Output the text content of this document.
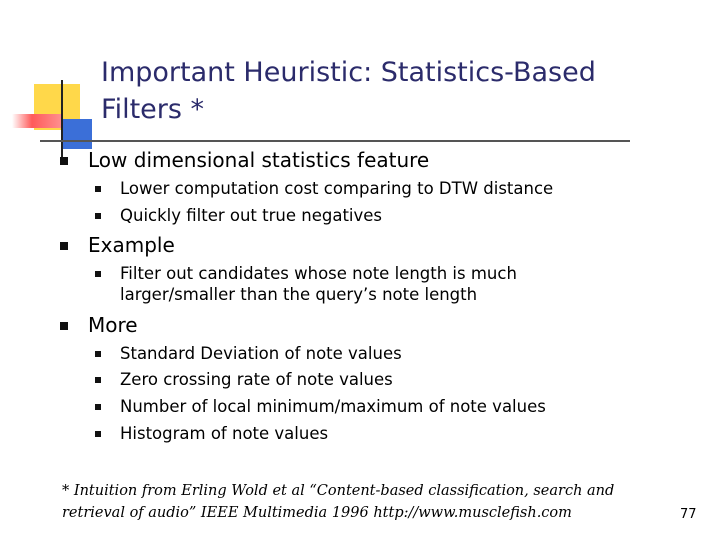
Important Heuristic: Statistics-Based
Filters *
Low dimensional statistics feature
Lower computation cost comparing to DTW distance
Quickly filter out true negatives
Example
Filter out candidates whose note length is much
larger/smaller than the query’s note length
More
Standard Deviation of note values
Zero crossing rate of note values
Number of local minimum/maximum of note values
Histogram of note values
* Intuition from Erling Wold et al “Content-based classification, search and
retrieval of audio” IEEE Multimedia 1996 http://www.musclefish.com	77
